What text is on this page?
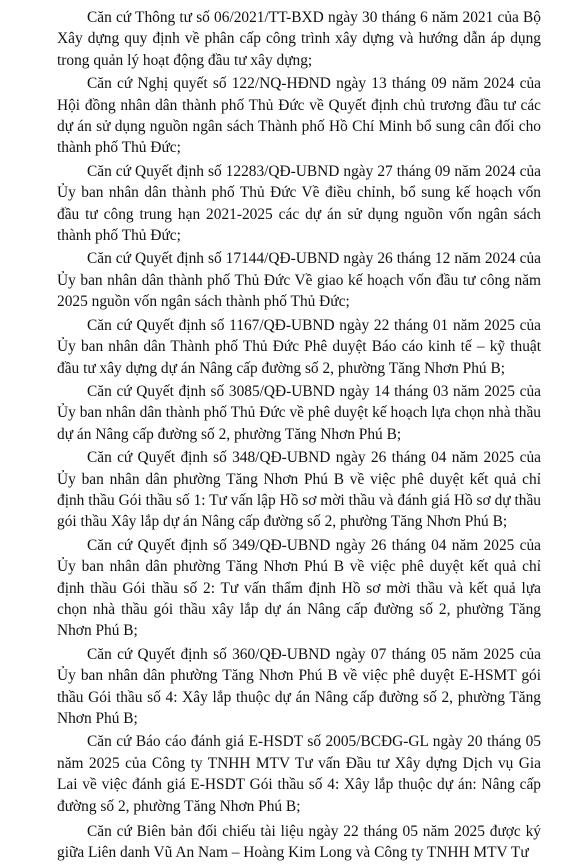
Căn cứ Thông tư số 06/2021/TT-BXD ngày 30 tháng 6 năm 2021 của Bộ Xây dựng quy định về phân cấp công trình xây dựng và hướng dẫn áp dụng trong quản lý hoạt động đầu tư xây dựng;

Căn cứ Nghị quyết số 122/NQ-HĐND ngày 13 tháng 09 năm 2024 của Hội đồng nhân dân thành phố Thủ Đức về Quyết định chủ trương đầu tư các dự án sử dụng nguồn ngân sách Thành phố Hồ Chí Minh bổ sung cân đối cho thành phố Thủ Đức;

Căn cứ Quyết định số 12283/QĐ-UBND ngày 27 tháng 09 năm 2024 của Ủy ban nhân dân thành phố Thủ Đức Về điều chỉnh, bổ sung kế hoạch vốn đầu tư công trung hạn 2021-2025 các dự án sử dụng nguồn vốn ngân sách thành phố Thủ Đức;

Căn cứ Quyết định số 17144/QĐ-UBND ngày 26 tháng 12 năm 2024 của Ủy ban nhân dân thành phố Thủ Đức Về giao kế hoạch vốn đầu tư công năm 2025 nguồn vốn ngân sách thành phố Thủ Đức;

Căn cứ Quyết định số 1167/QĐ-UBND ngày 22 tháng 01 năm 2025 của Ủy ban nhân dân Thành phố Thủ Đức Phê duyệt Báo cáo kinh tế – kỹ thuật đầu tư xây dựng dự án Nâng cấp đường số 2, phường Tăng Nhơn Phú B;

Căn cứ Quyết định số 3085/QĐ-UBND ngày 14 tháng 03 năm 2025 của Ủy ban nhân dân thành phố Thủ Đức về phê duyệt kế hoạch lựa chọn nhà thầu dự án Nâng cấp đường số 2, phường Tăng Nhơn Phú B;

Căn cứ Quyết định số 348/QĐ-UBND ngày 26 tháng 04 năm 2025 của Ủy ban nhân dân phường Tăng Nhơn Phú B về việc phê duyệt kết quả chỉ định thầu Gói thầu số 1: Tư vấn lập Hồ sơ mời thầu và đánh giá Hồ sơ dự thầu gói thầu Xây lắp dự án Nâng cấp đường số 2, phường Tăng Nhơn Phú B;

Căn cứ Quyết định số 349/QĐ-UBND ngày 26 tháng 04 năm 2025 của Ủy ban nhân dân phường Tăng Nhơn Phú B về việc phê duyệt kết quả chỉ định thầu Gói thầu số 2: Tư vấn thẩm định Hồ sơ mời thầu và kết quả lựa chọn nhà thầu gói thầu xây lắp dự án Nâng cấp đường số 2, phường Tăng Nhơn Phú B;

Căn cứ Quyết định số 360/QĐ-UBND ngày 07 tháng 05 năm 2025 của Ủy ban nhân dân phường Tăng Nhơn Phú B về việc phê duyệt E-HSMT gói thầu Gói thầu số 4: Xây lắp thuộc dự án Nâng cấp đường số 2, phường Tăng Nhơn Phú B;

Căn cứ Báo cáo đánh giá E-HSDT số 2005/BCĐG-GL ngày 20 tháng 05 năm 2025 của Công ty TNHH MTV Tư vấn Đầu tư Xây dựng Dịch vụ Gia Lai về việc đánh giá E-HSDT Gói thầu số 4: Xây lắp thuộc dự án: Nâng cấp đường số 2, phường Tăng Nhơn Phú B;

Căn cứ Biên bản đối chiếu tài liệu ngày 22 tháng 05 năm 2025 được ký giữa Liên danh Vũ An Nam – Hoàng Kim Long và Công ty TNHH MTV Tư
